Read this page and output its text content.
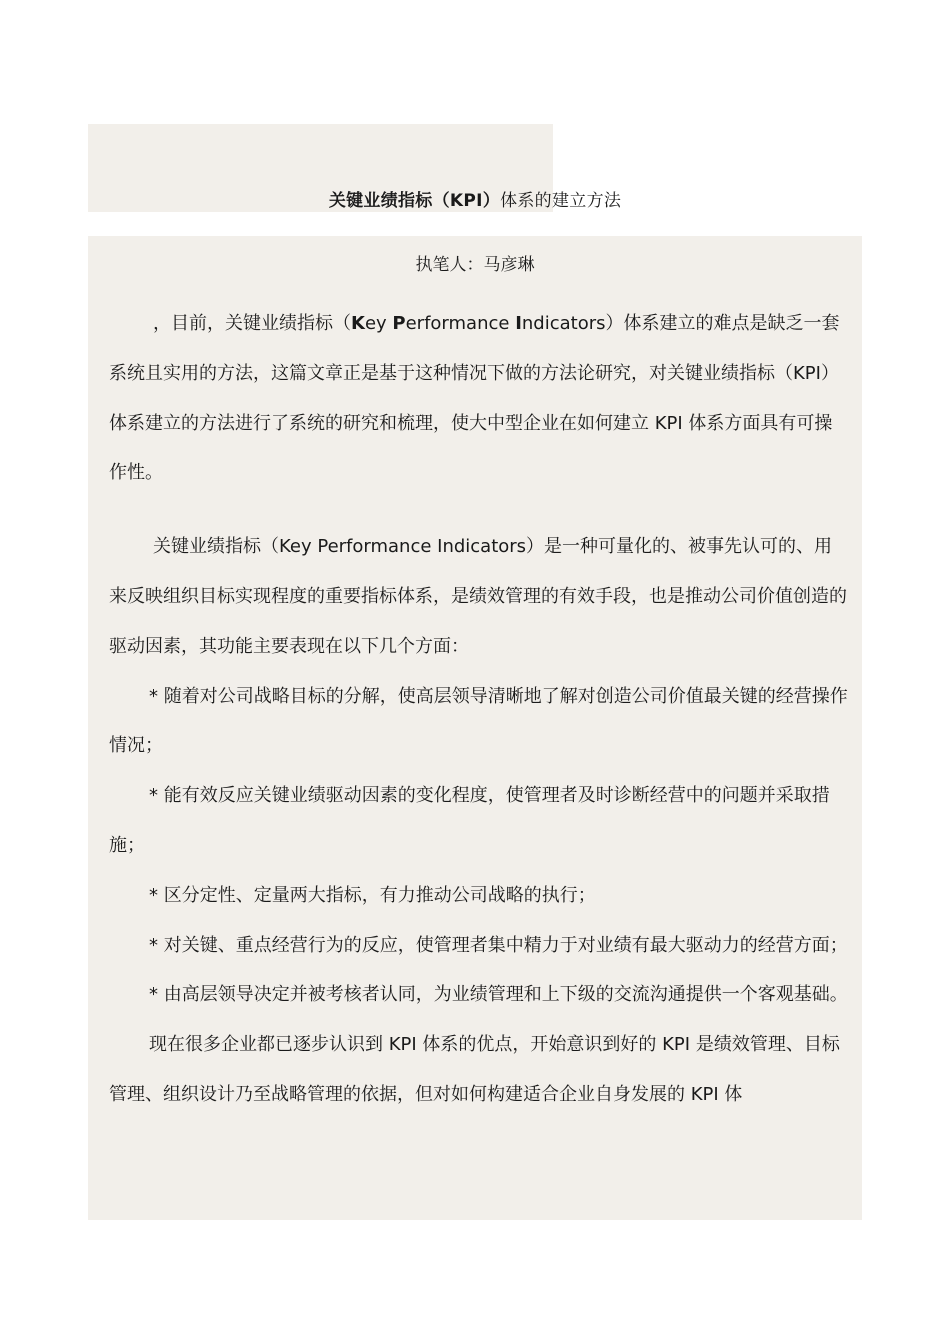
关键业绩指标（KPI）体系的建立方法
执笔人：马彦琳

，目前，关键业绩指标（Key Performance Indicators）体系建立的难点是缺乏一套系统且实用的方法，这篇文章正是基于这种情况下做的方法论研究，对关键业绩指标（KPI）体系建立的方法进行了系统的研究和梳理，使大中型企业在如何建立 KPI 体系方面具有可操作性。

关键业绩指标（Key Performance Indicators）是一种可量化的、被事先认可的、用来反映组织目标实现程度的重要指标体系，是绩效管理的有效手段，也是推动公司价值创造的驱动因素，其功能主要表现在以下几个方面：

* 随着对公司战略目标的分解，使高层领导清晰地了解对创造公司价值最关键的经营操作情况；

* 能有效反应关键业绩驱动因素的变化程度，使管理者及时诊断经营中的问题并采取措施；

* 区分定性、定量两大指标，有力推动公司战略的执行；

* 对关键、重点经营行为的反应，使管理者集中精力于对业绩有最大驱动力的经营方面；

* 由高层领导决定并被考核者认同，为业绩管理和上下级的交流沟通提供一个客观基础。

现在很多企业都已逐步认识到 KPI 体系的优点，开始意识到好的 KPI 是绩效管理、目标管理、组织设计乃至战略管理的依据，但对如何构建适合企业自身发展的 KPI 体
